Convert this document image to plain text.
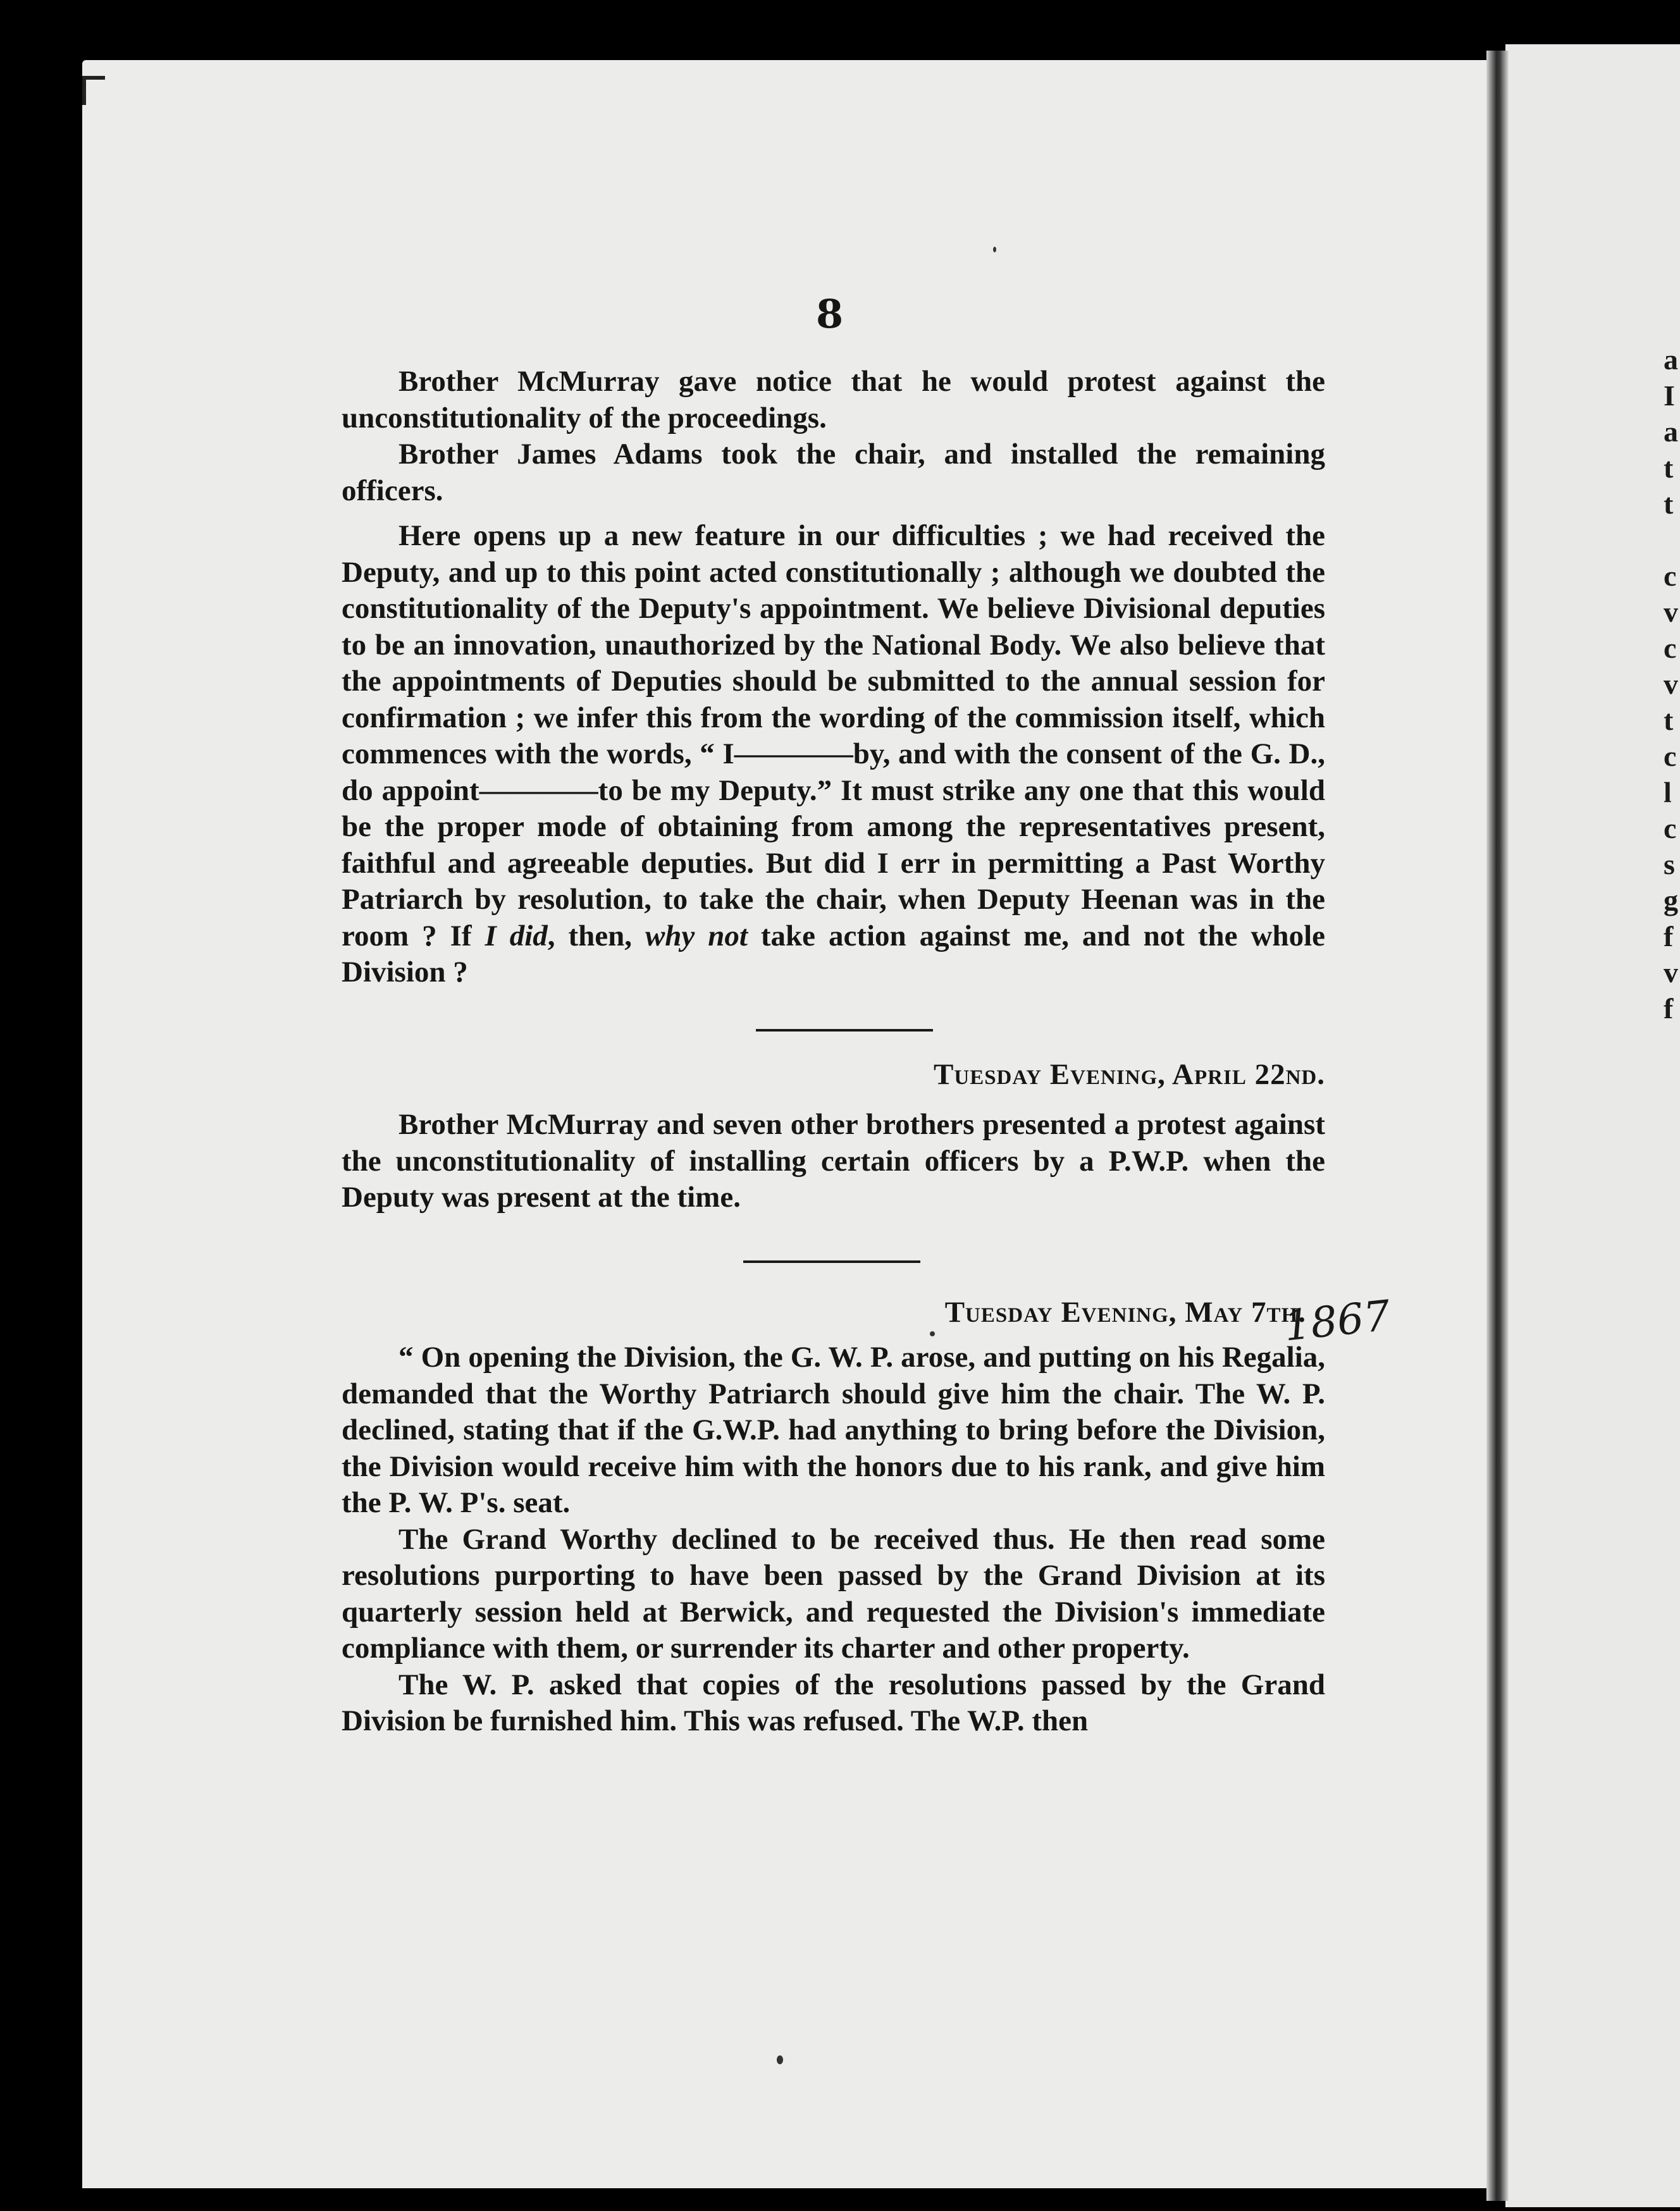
8

Brother McMurray gave notice that he would protest against the unconstitutionality of the proceedings.

Brother James Adams took the chair, and installed the remaining officers.

Here opens up a new feature in our difficulties ; we had received the Deputy, and up to this point acted constitutionally ; although we doubted the constitutionality of the Deputy's appointment. We believe Divisional deputies to be an innovation, unauthorized by the National Body. We also believe that the appointments of Deputies should be submitted to the annual session for confirmation ; we infer this from the wording of the commission itself, which commences with the words, “ I————by, and with the consent of the G. D., do appoint————to be my Deputy.” It must strike any one that this would be the proper mode of obtaining from among the representatives present, faithful and agreeable deputies. But did I err in permitting a Past Worthy Patriarch by resolution, to take the chair, when Deputy Heenan was in the room ? If I did, then, why not take action against me, and not the whole Division ?

Tuesday Evening, April 22nd.

Brother McMurray and seven other brothers presented a protest against the unconstitutionality of installing certain officers by a P.W.P. when the Deputy was present at the time.

Tuesday Evening, May 7th.

“ On opening the Division, the G. W. P. arose, and putting on his Regalia, demanded that the Worthy Patriarch should give him the chair. The W. P. declined, stating that if the G.W.P. had anything to bring before the Division, the Division would receive him with the honors due to his rank, and give him the P. W. P's. seat.

The Grand Worthy declined to be received thus. He then read some resolutions purporting to have been passed by the Grand Division at its quarterly session held at Berwick, and requested the Division's immediate compliance with them, or surrender its charter and other property.

The W. P. asked that copies of the resolutions passed by the Grand Division be furnished him. This was refused. The W.P. then

1867
a
I
a
t
t
c
v
c
v
t
c
l
c
s
g
f
v
f
